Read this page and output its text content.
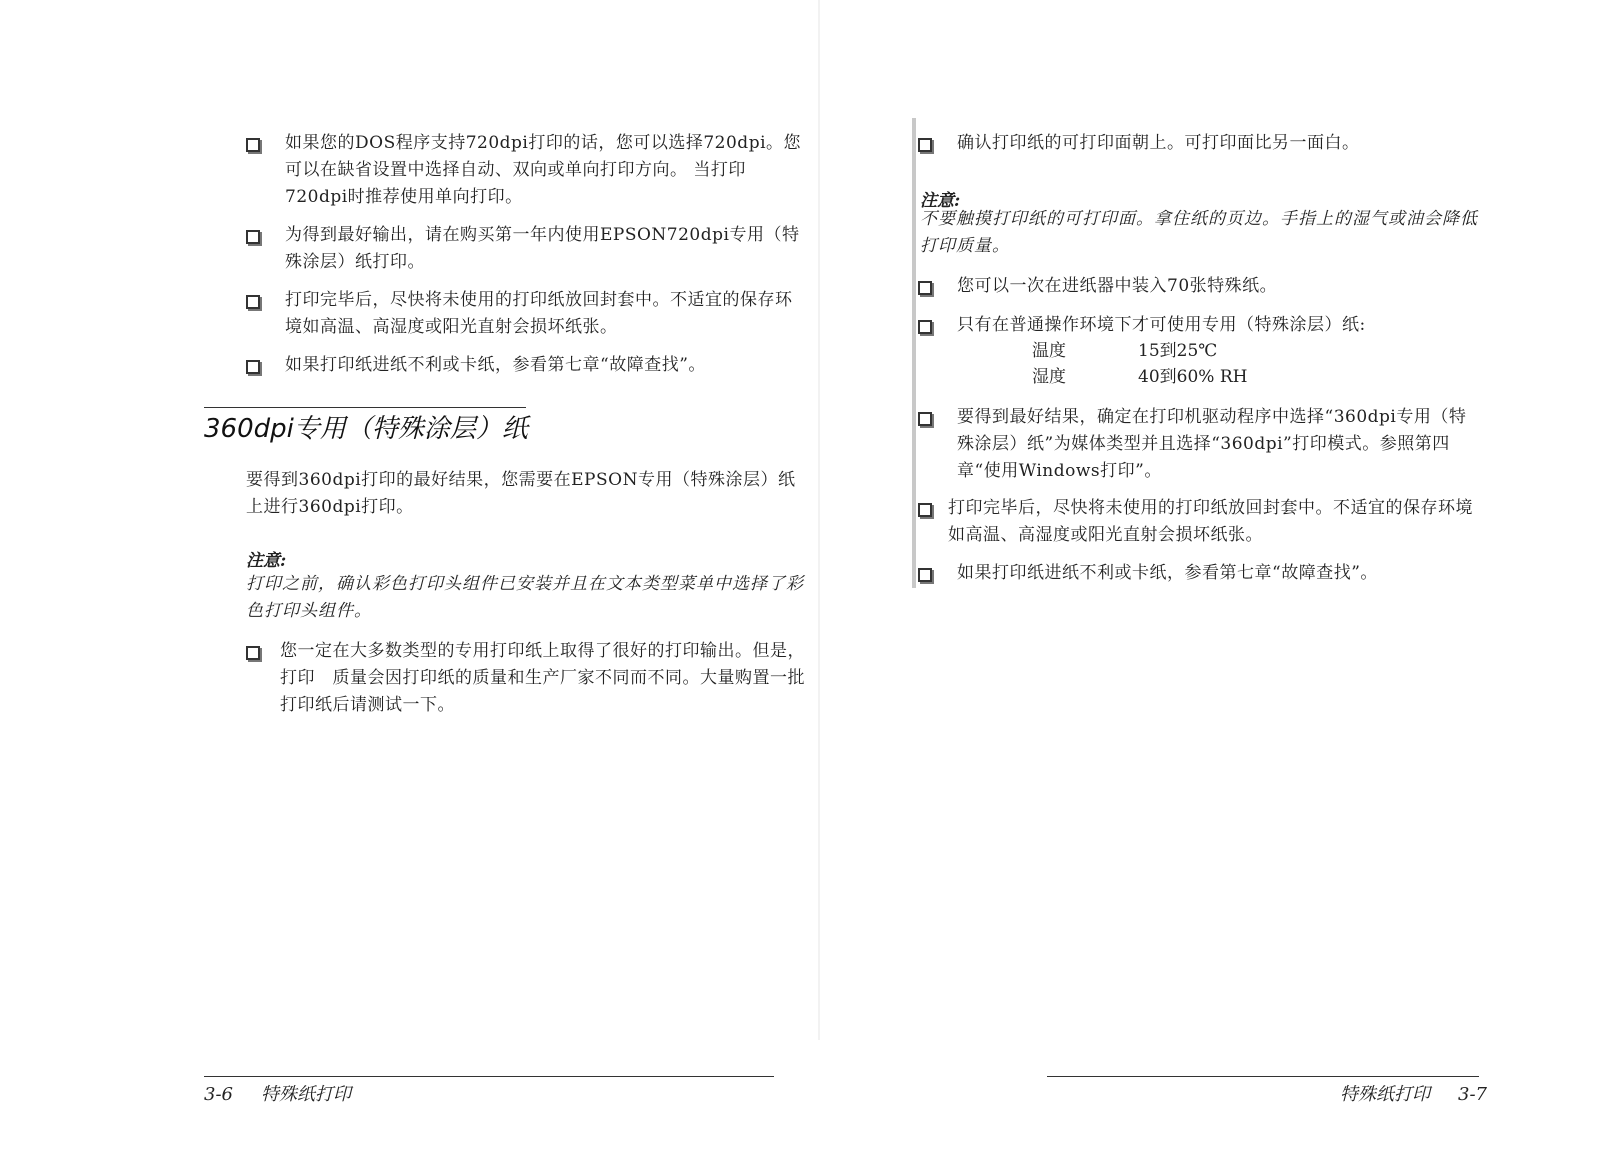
如果您的DOS程序支持720dpi打印的话，您可以选择720dpi。您可以在缺省设置中选择自动、双向或单向打印方向。 当打印720dpi时推荐使用单向打印。
为得到最好输出，请在购买第一年内使用EPSON720dpi专用（特殊涂层）纸打印。
打印完毕后，尽快将未使用的打印纸放回封套中。不适宜的保存环境如高温、高湿度或阳光直射会损坏纸张。
如果打印纸进纸不利或卡纸，参看第七章“故障查找”。
360dpi专用（特殊涂层）纸
要得到360dpi打印的最好结果，您需要在EPSON专用（特殊涂层）纸上进行360dpi打印。
注意:
打印之前，确认彩色打印头组件已安装并且在文本类型菜单中选择了彩色打印头组件。
您一定在大多数类型的专用打印纸上取得了很好的打印输出。但是，打印　质量会因打印纸的质量和生产厂家不同而不同。大量购置一批打印纸后请测试一下。
3-6 特殊纸打印
确认打印纸的可打印面朝上。可打印面比另一面白。
注意:
不要触摸打印纸的可打印面。拿住纸的页边。手指上的湿气或油会降低打印质量。
您可以一次在进纸器中装入70张特殊纸。
只有在普通操作环境下才可使用专用（特殊涂层）纸:
温度	15到25℃
湿度	40到60% RH
要得到最好结果，确定在打印机驱动程序中选择“360dpi专用（特殊涂层）纸”为媒体类型并且选择“360dpi”打印模式。参照第四章“使用Windows打印”。
打印完毕后，尽快将未使用的打印纸放回封套中。不适宜的保存环境如高温、高湿度或阳光直射会损坏纸张。
如果打印纸进纸不利或卡纸，参看第七章“故障查找”。
特殊纸打印 3-7
